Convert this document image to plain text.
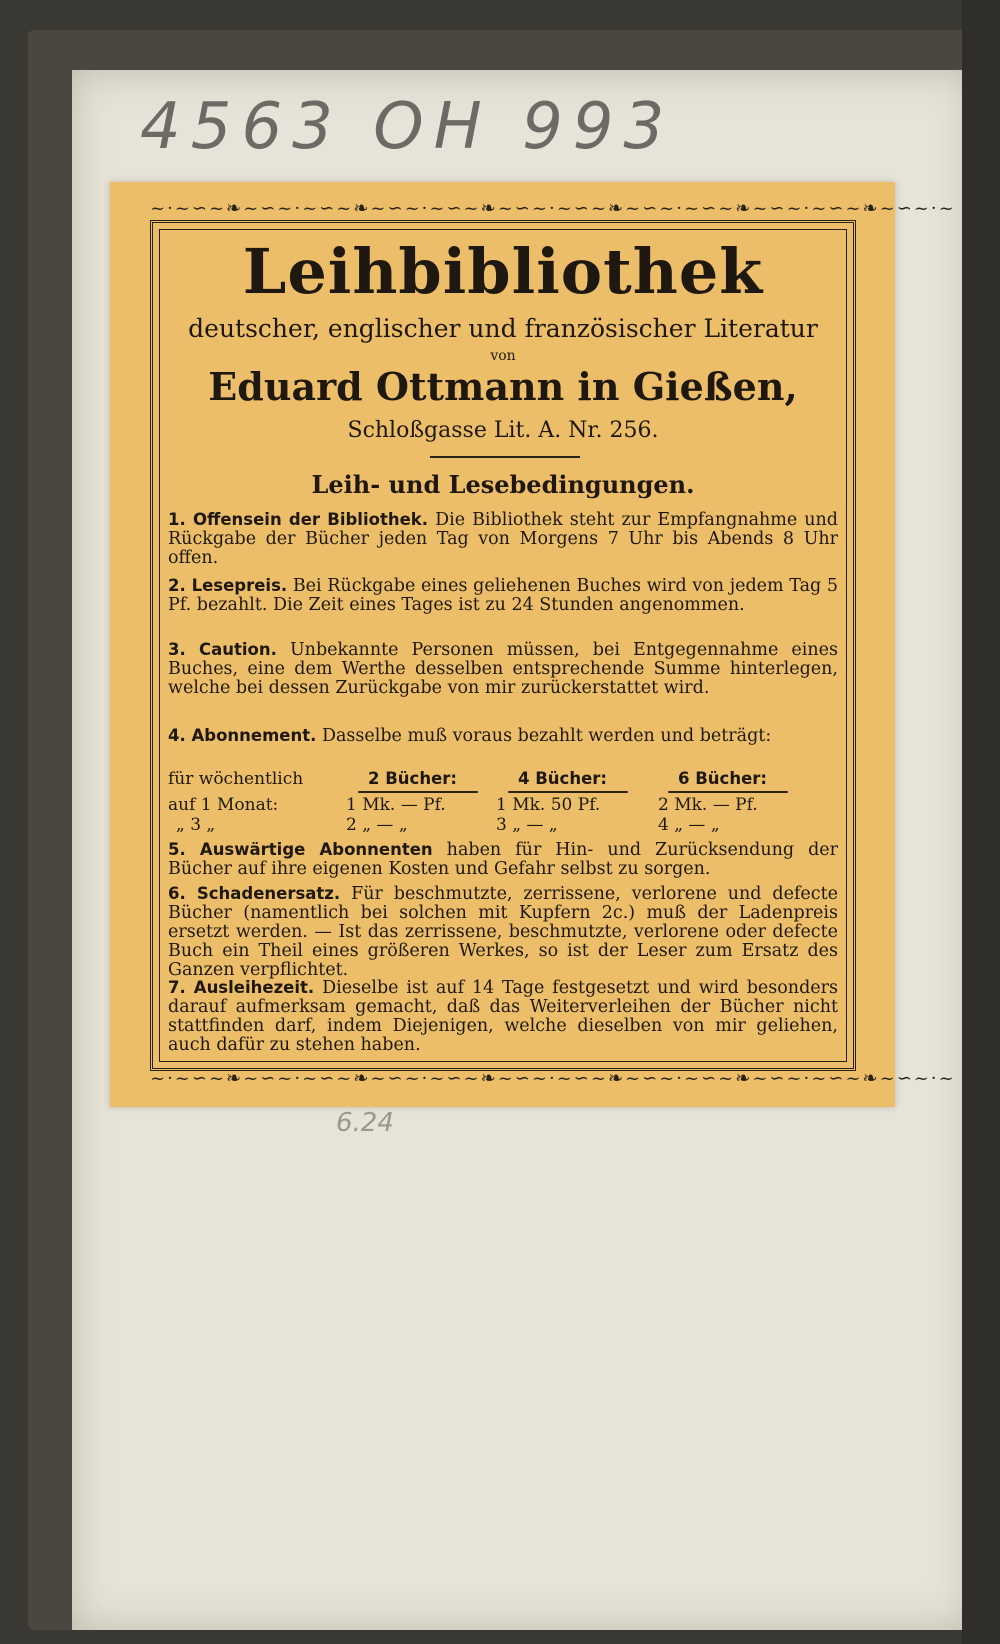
4563 OH 993

~·~∽~❧~∽~·~∽~❧~∽~·~∽~❧~∽~·~∽~❧~∽~·~∽~❧~∽~·~∽~❧~∽~·~

~·~∽~❧~∽~·~∽~❧~∽~·~∽~❧~∽~·~∽~❧~∽~·~∽~❧~∽~·~∽~❧~∽~·~

Leihbibliothek

deutscher, englischer und französischer Literatur

von

Eduard Ottmann in Gießen,

Schloßgasse Lit. A. Nr. 256.

Leih- und Lesebedingungen.

1. Offensein der Bibliothek. Die Bibliothek steht zur Empfangnahme und Rückgabe der Bücher jeden Tag von Morgens 7 Uhr bis Abends 8 Uhr offen.

2. Lesepreis. Bei Rückgabe eines geliehenen Buches wird von jedem Tag 5 Pf. bezahlt. Die Zeit eines Tages ist zu 24 Stunden angenommen.

3. Caution. Unbekannte Personen müssen, bei Entgegennahme eines Buches, eine dem Werthe desselben entsprechende Summe hinterlegen, welche bei dessen Zurückgabe von mir zurückerstattet wird.

4. Abonnement. Dasselbe muß voraus bezahlt werden und beträgt:

für wöchentlich	2 Bücher:	4 Bücher:	6 Bücher:

auf 1 Monat:	1 Mk. — Pf.	1 Mk. 50 Pf.	2 Mk. — Pf.

„ 3 „	2 „ — „	3 „ — „	4 „ — „

5. Auswärtige Abonnenten haben für Hin- und Zurücksendung der Bücher auf ihre eigenen Kosten und Gefahr selbst zu sorgen.

6. Schadenersatz. Für beschmutzte, zerrissene, verlorene und defecte Bücher (namentlich bei solchen mit Kupfern 2c.) muß der Ladenpreis ersetzt werden. — Ist das zerrissene, beschmutzte, verlorene oder defecte Buch ein Theil eines größeren Werkes, so ist der Leser zum Ersatz des Ganzen verpflichtet.

7. Ausleihezeit. Dieselbe ist auf 14 Tage festgesetzt und wird besonders darauf aufmerksam gemacht, daß das Weiterverleihen der Bücher nicht stattfinden darf, indem Diejenigen, welche dieselben von mir geliehen, auch dafür zu stehen haben.

6.24
